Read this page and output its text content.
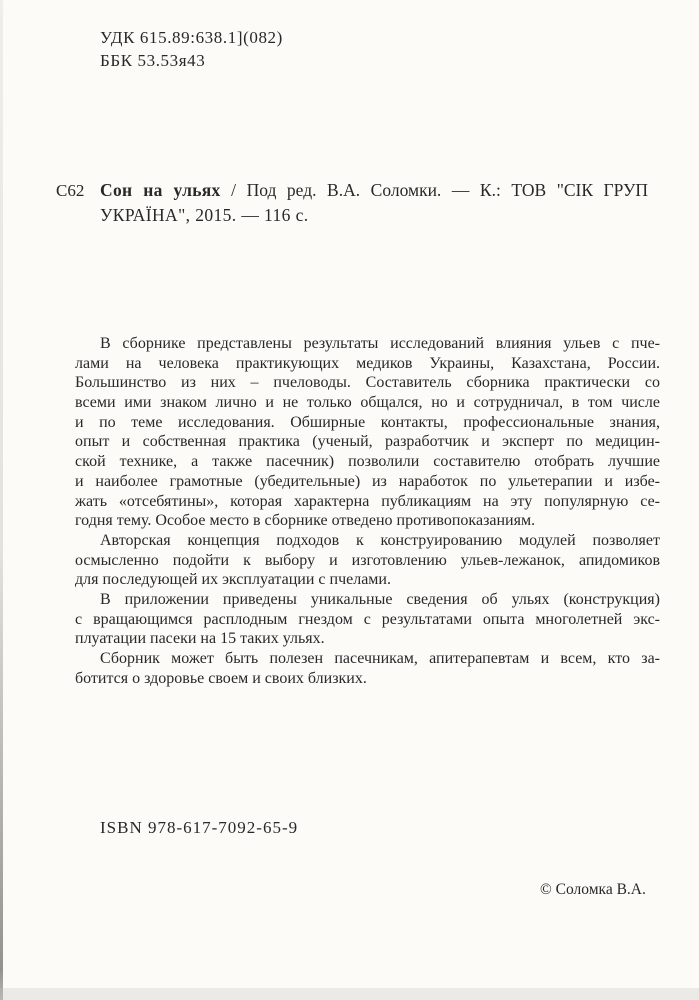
УДК 615.89:638.1](082)
ББК 53.53я43
С62 Сон на ульях / Под ред. В.А. Соломки. — К.: ТОВ "СІК ГРУП
УКРАЇНА", 2015. — 116 с.
В сборнике представлены результаты исследований влияния ульев с пче-
лами на человека практикующих медиков Украины, Казахстана, России.
Большинство из них – пчеловоды. Составитель сборника практически со
всеми ими знаком лично и не только общался, но и сотрудничал, в том числе
и по теме исследования. Обширные контакты, профессиональные знания,
опыт и собственная практика (ученый, разработчик и эксперт по медицин-
ской технике, а также пасечник) позволили составителю отобрать лучшие
и наиболее грамотные (убедительные) из наработок по ульетерапии и избе-
жать «отсебятины», которая характерна публикациям на эту популярную се-
годня тему. Особое место в сборнике отведено противопоказаниям.
Авторская концепция подходов к конструированию модулей позволяет
осмысленно подойти к выбору и изготовлению ульев-лежанок, апидомиков
для последующей их эксплуатации с пчелами.
В приложении приведены уникальные сведения об ульях (конструкция)
с вращающимся расплодным гнездом с результатами опыта многолетней экс-
плуатации пасеки на 15 таких ульях.
Сборник может быть полезен пасечникам, апитерапевтам и всем, кто за-
ботится о здоровье своем и своих близких.
ISBN 978-617-7092-65-9
© Соломка В.А.
